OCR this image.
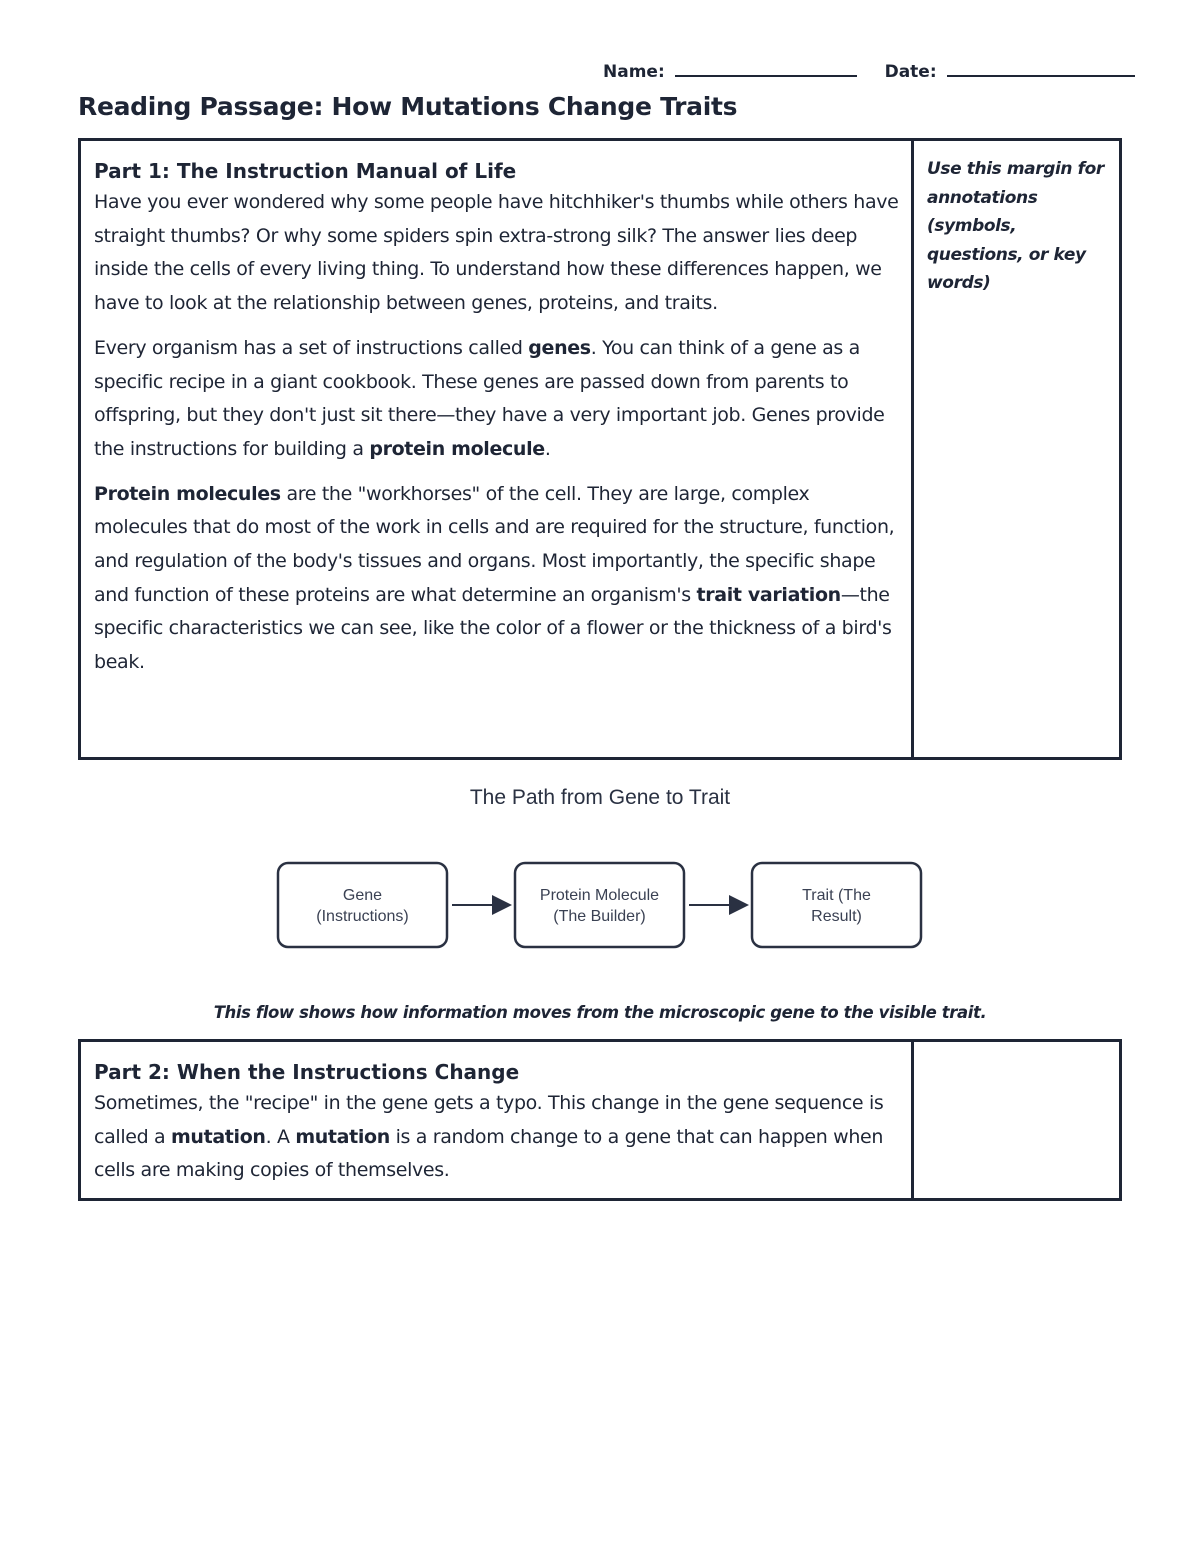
Name:	Date:
Reading Passage: How Mutations Change Traits
Part 1: The Instruction Manual of Life

Have you ever wondered why some people have hitchhiker's thumbs while others have straight thumbs? Or why some spiders spin extra-strong silk? The answer lies deep inside the cells of every living thing. To understand how these differences happen, we have to look at the relationship between genes, proteins, and traits.

Every organism has a set of instructions called genes. You can think of a gene as a specific recipe in a giant cookbook. These genes are passed down from parents to offspring, but they don't just sit there—they have a very important job. Genes provide the instructions for building a protein molecule.

Protein molecules are the "workhorses" of the cell. They are large, complex molecules that do most of the work in cells and are required for the structure, function, and regulation of the body's tissues and organs. Most importantly, the specific shape and function of these proteins are what determine an organism's trait variation—the specific characteristics we can see, like the color of a flower or the thickness of a bird's beak.

Use this margin for annotations (symbols, questions, or key words)
The Path from Gene to Trait
Gene
(Instructions)
Protein Molecule
(The Builder)
Trait (The
Result)
This flow shows how information moves from the microscopic gene to the visible trait.
Part 2: When the Instructions Change

Sometimes, the "recipe" in the gene gets a typo. This change in the gene sequence is called a mutation. A mutation is a random change to a gene that can happen when cells are making copies of themselves.
